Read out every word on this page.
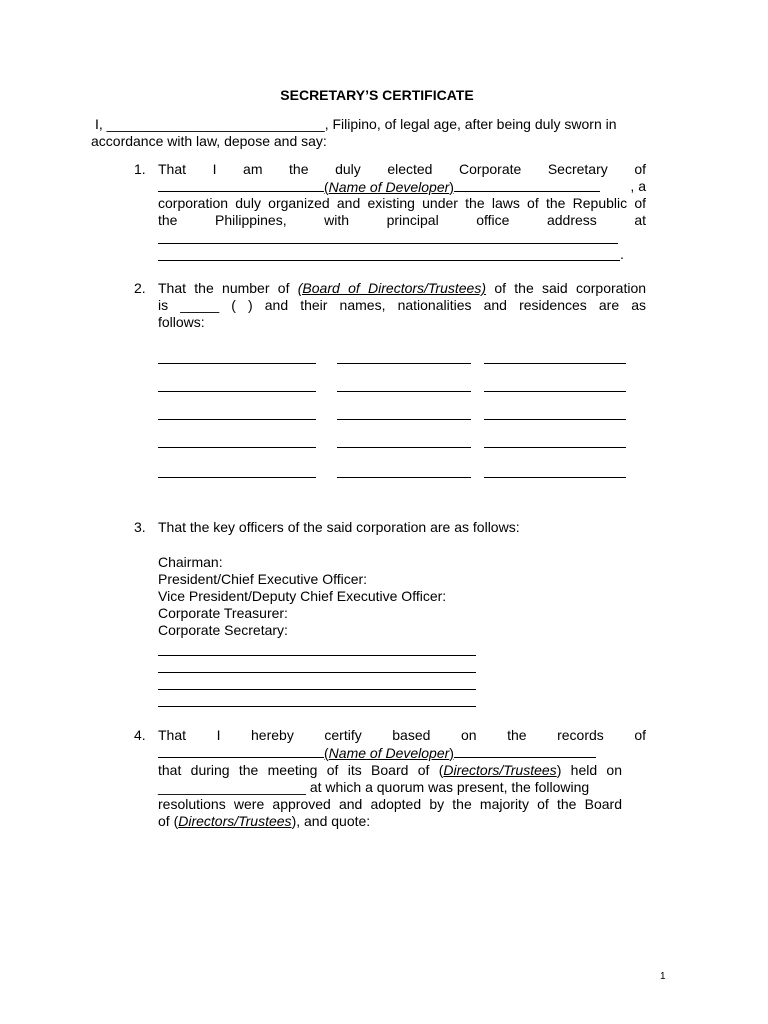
SECRETARY’S CERTIFICATE
I, ____________________________, Filipino, of legal age, after being duly sworn in
accordance with law, depose and say:
1. That I am the duly elected Corporate Secretary of
(Name of Developer)	, a
corporation duly organized and existing under the laws of the Republic of
the Philippines, with principal office address at
.
2. That the number of (Board of Directors/Trustees) of the said corporation
is _____ ( ) and their names, nationalities and residences are as
follows:
3. That the key officers of the said corporation are as follows:
Chairman:
President/Chief Executive Officer:
Vice President/Deputy Chief Executive Officer:
Corporate Treasurer:
Corporate Secretary:
4. That I hereby certify based on the records of
(Name of Developer)
that during the meeting of its Board of (Directors/Trustees) held on
___________________ at which a quorum was present, the following
resolutions were approved and adopted by the majority of the Board
of (Directors/Trustees), and quote:
1
